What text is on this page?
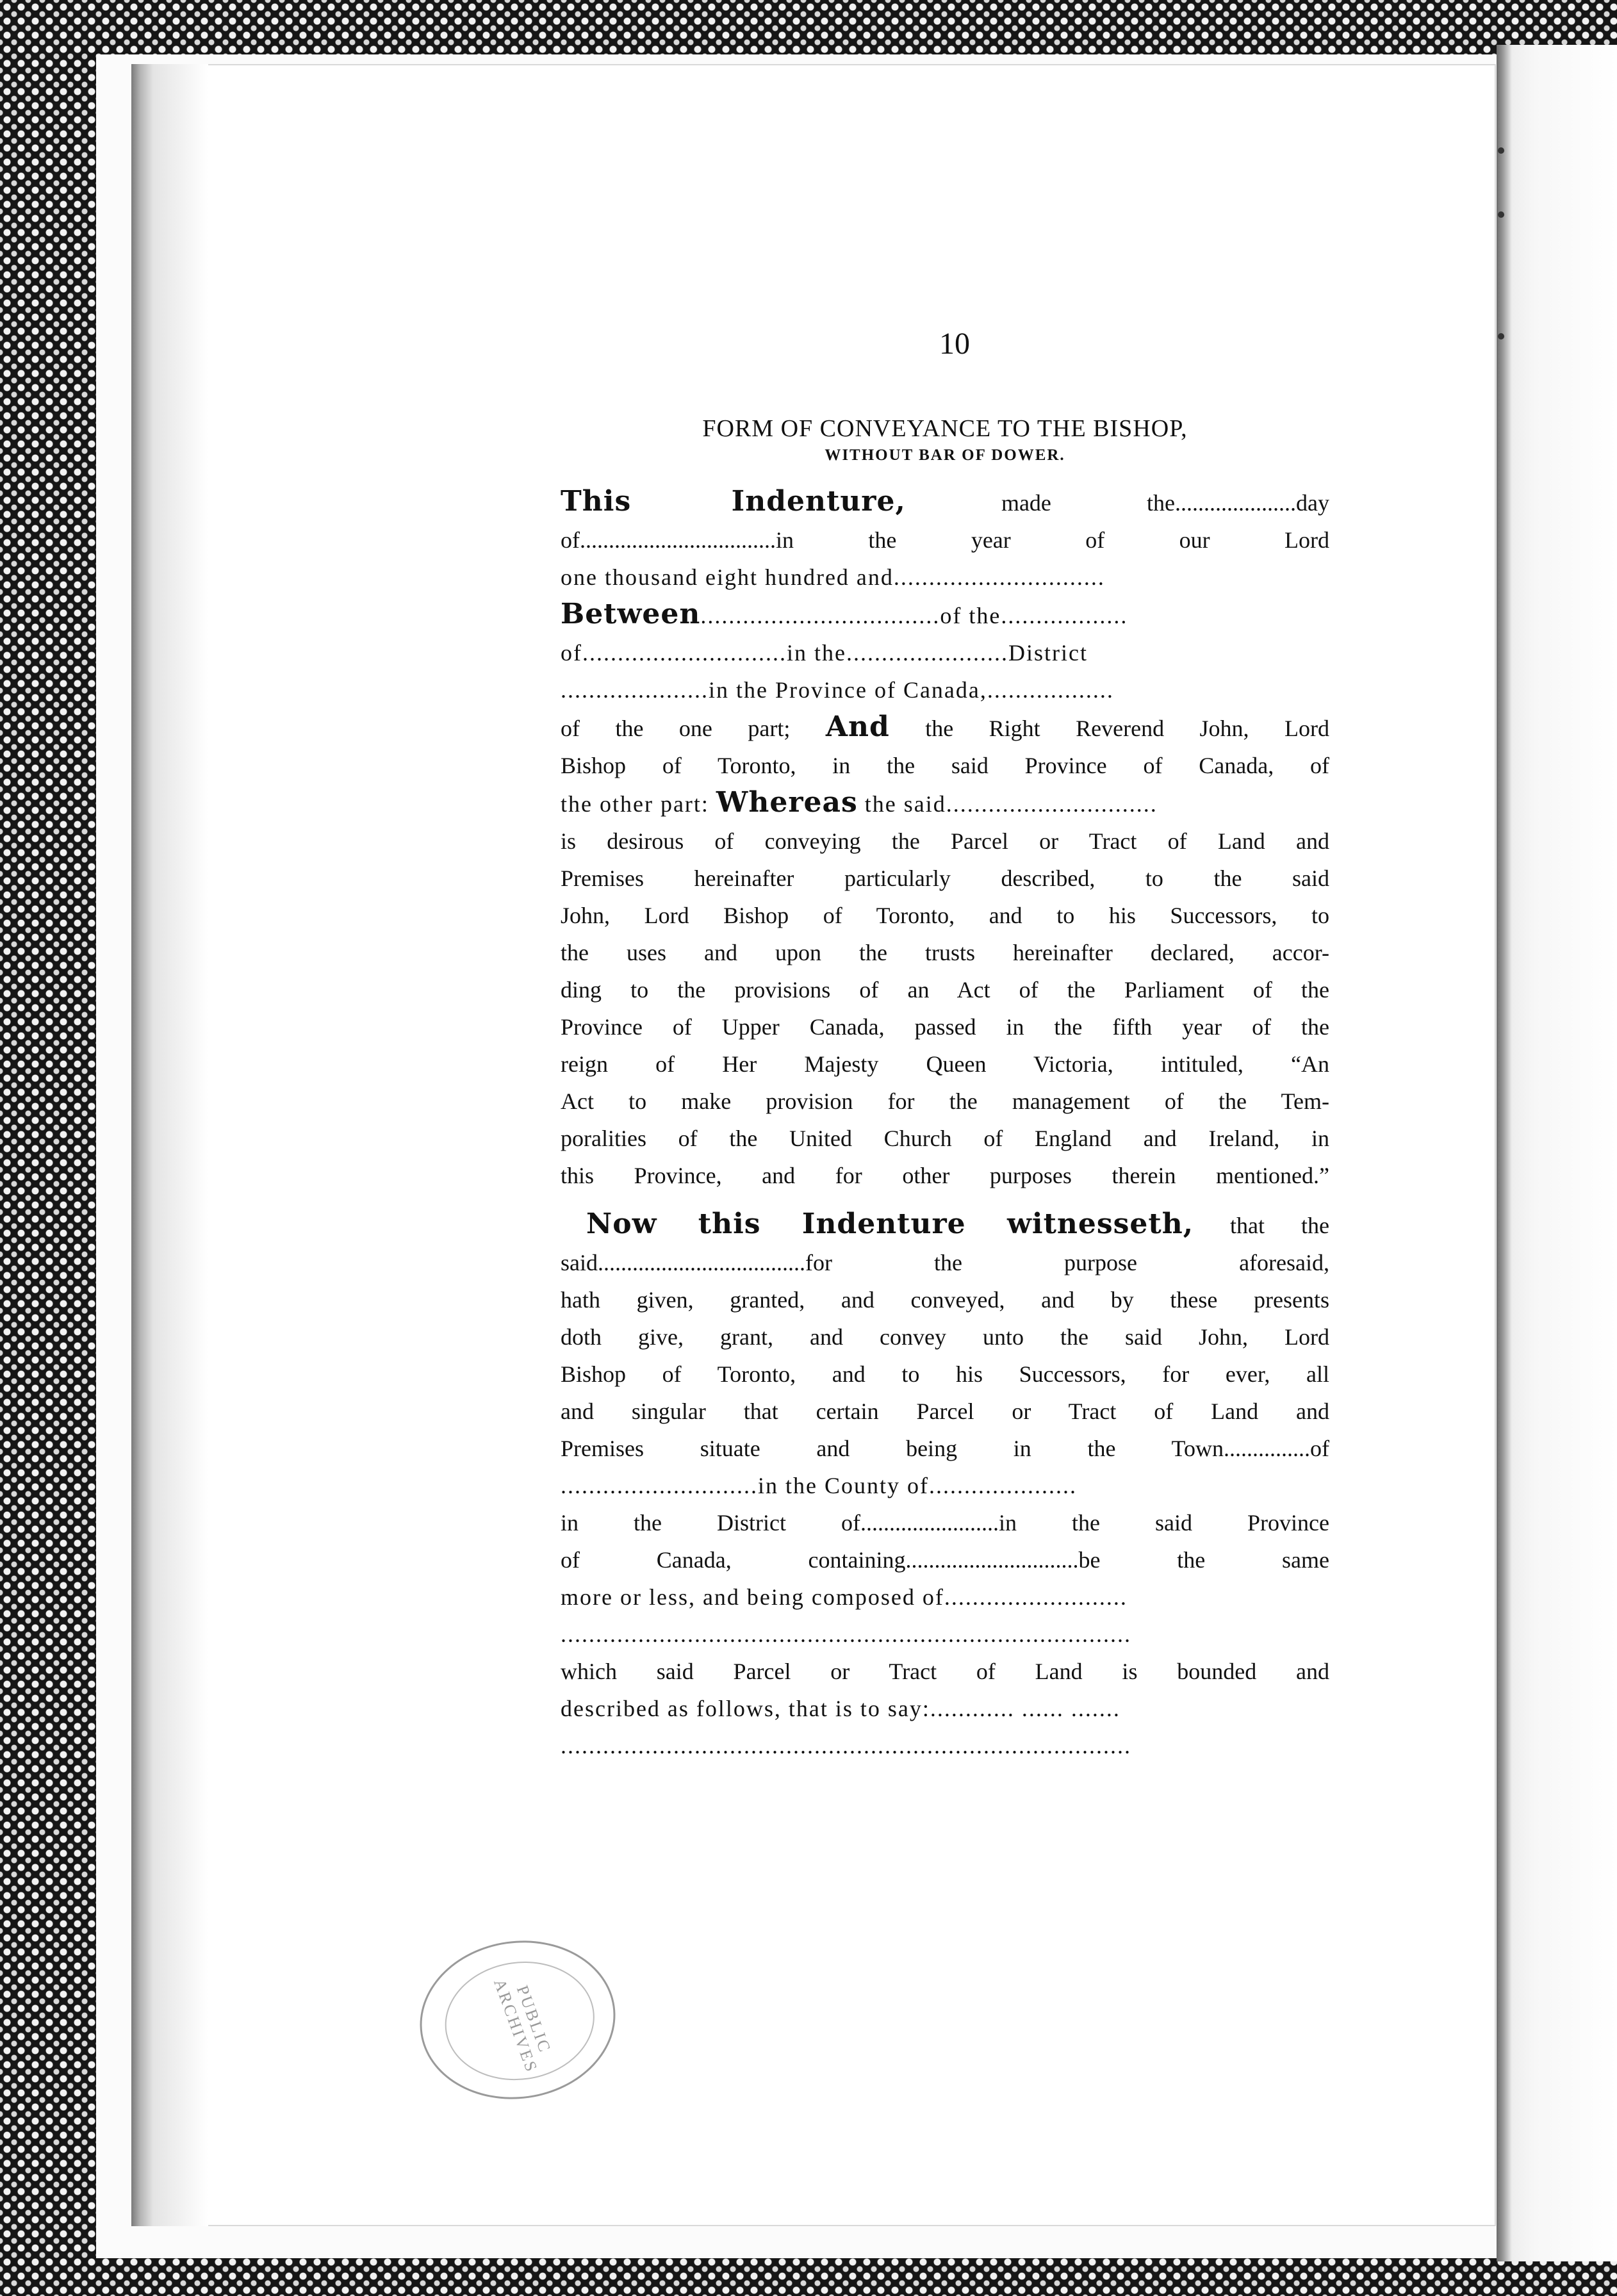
10
FORM OF CONVEYANCE TO THE BISHOP,
WITHOUT BAR OF DOWER.
This Indenture, made the.....................day
of..................................in the year of our Lord
one thousand eight hundred and..............................
Between..................................of the..................
of.............................in the.......................District
.....................in the Province of Canada,..................
of the one part; And the Right Reverend John, Lord
Bishop of Toronto, in the said Province of Canada, of
the other part: Whereas the said..............................
is desirous of conveying the Parcel or Tract of Land and
Premises hereinafter particularly described, to the said
John, Lord Bishop of Toronto, and to his Successors, to
the uses and upon the trusts hereinafter declared, accor-
ding to the provisions of an Act of the Parliament of the
Province of Upper Canada, passed in the fifth year of the
reign of Her Majesty Queen Victoria, intituled, “An
Act to make provision for the management of the Tem-
poralities of the United Church of England and Ireland, in
this Province, and for other purposes therein mentioned.”
Now this Indenture witnesseth, that the
said....................................for the purpose aforesaid,
hath given, granted, and conveyed, and by these presents
doth give, grant, and convey unto the said John, Lord
Bishop of Toronto, and to his Successors, for ever, all
and singular that certain Parcel or Tract of Land and
Premises situate and being in the Town...............of
............................in the County of.....................
in the District of........................in the said Province
of Canada, containing..............................be the same
more or less, and being composed of..........................
.................................................................................
which said Parcel or Tract of Land is bounded and
described as follows, that is to say:............ ...... .......
.................................................................................
PUBLIC ARCHIVES
